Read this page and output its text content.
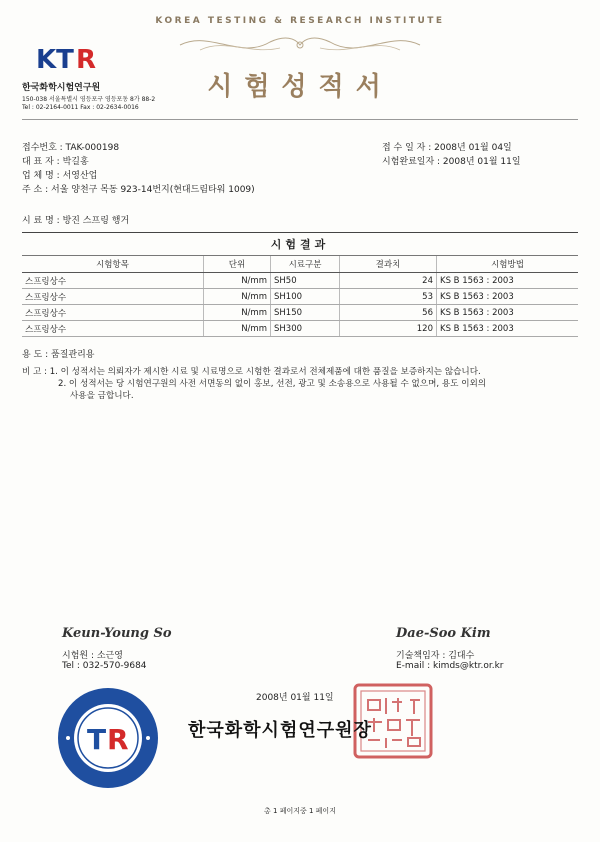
KOREA TESTING & RESEARCH INSTITUTE
시험성적서
KT R
한국화학시험연구원
150-038 서울특별시 영등포구 영등포동 8가 88-2
Tel : 02-2164-0011 Fax : 02-2634-0016
접수번호 : TAK-000198
대 표 자 : 박길홍
업 체 명 : 서영산업
주 소 : 서울 양천구 목동 923-14번지(현대드림타워 1009)
접 수 일 자 : 2008년 01월 04일
시험완료일자 : 2008년 01월 11일
시 료 명 : 방진 스프링 행거
시험결과
시험항목	단위	시료구분	결과치	시험방법
스프링상수	N/mm	SH50	24	KS B 1563 : 2003
스프링상수	N/mm	SH100	53	KS B 1563 : 2003
스프링상수	N/mm	SH150	56	KS B 1563 : 2003
스프링상수	N/mm	SH300	120	KS B 1563 : 2003
용 도 : 품질관리용
비 고 : 1. 이 성적서는 의뢰자가 제시한 시료 및 시료명으로 시험한 결과로서 전체제품에 대한 품질을 보증하지는 않습니다.
2. 이 성적서는 당 시험연구원의 사전 서면동의 없이 홍보, 선전, 광고 및 소송용으로 사용될 수 없으며, 용도 이외의
사용을 금합니다.
Keun-Young So
시험원 : 소근영
Tel : 032-570-9684
Dae-Soo Kim
기술책임자 : 김대수
E-mail : kimds@ktr.or.kr
2008년 01월 11일
T R	한국화학시험연구원장
총 1 페이지중 1 페이지
